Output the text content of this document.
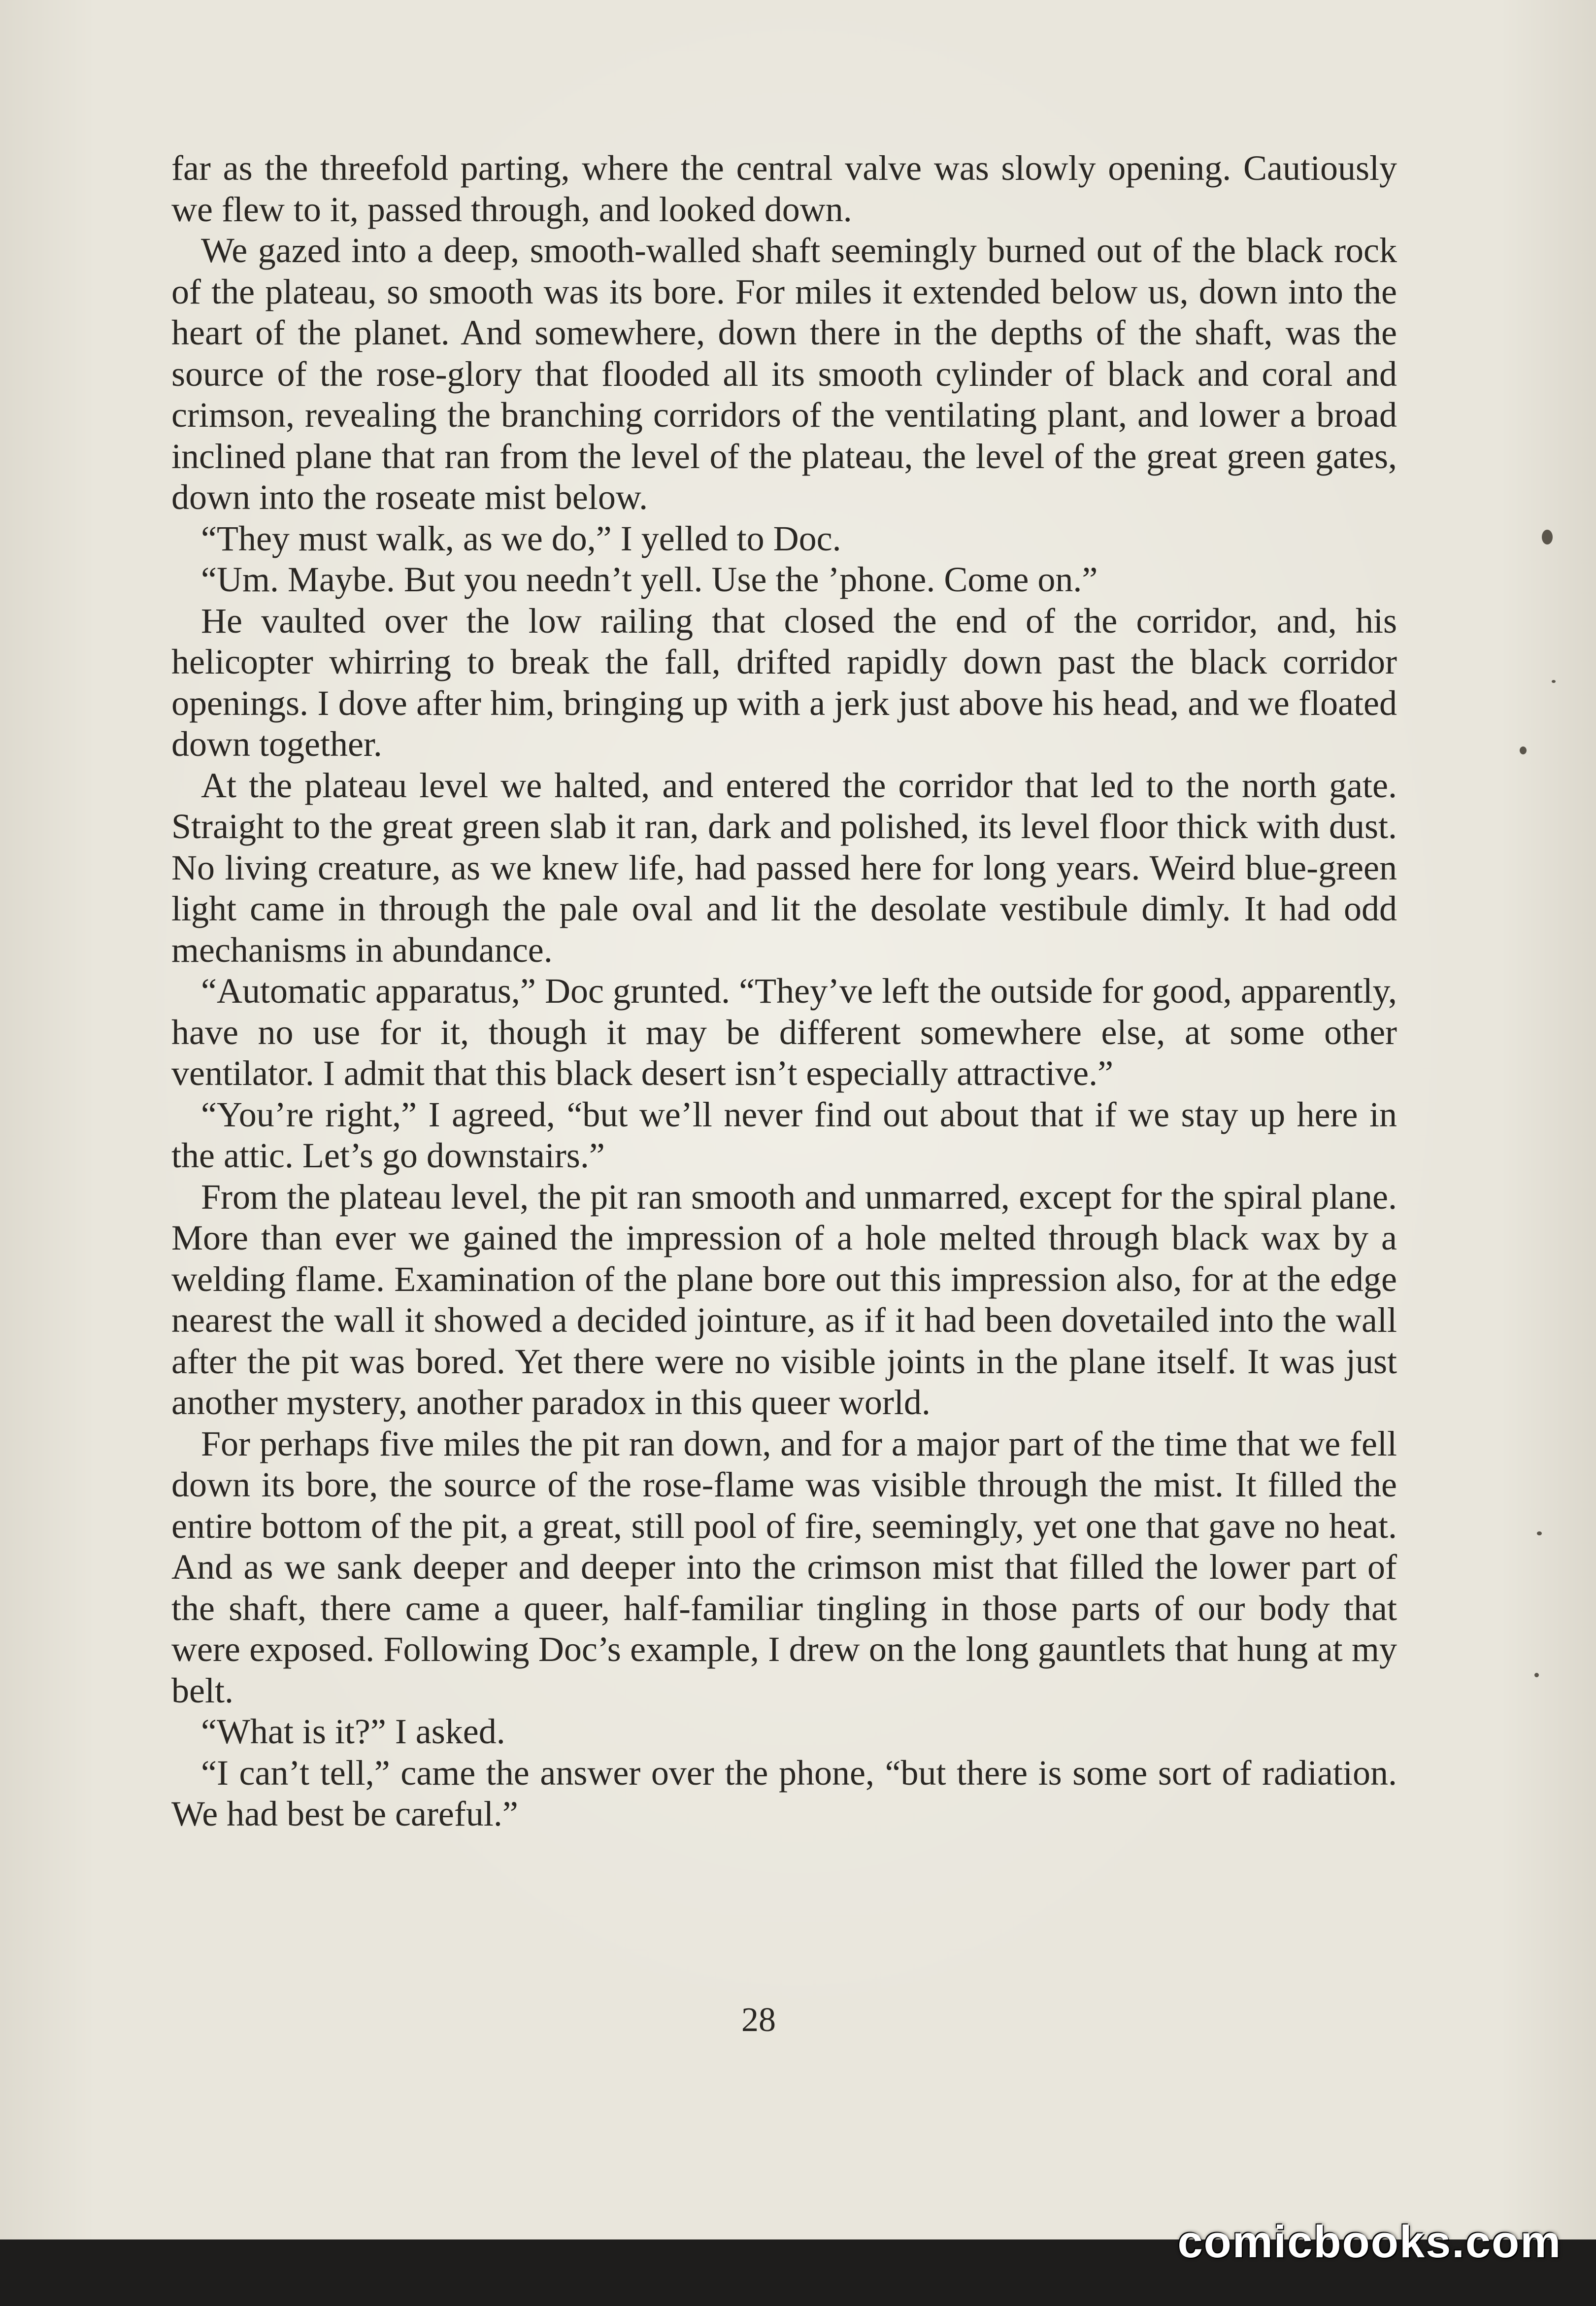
far as the threefold parting, where the central valve was slowly opening. Cautiously we flew to it, passed through, and looked down.

We gazed into a deep, smooth-walled shaft seemingly burned out of the black rock of the plateau, so smooth was its bore. For miles it extended below us, down into the heart of the planet. And somewhere, down there in the depths of the shaft, was the source of the rose-glory that flooded all its smooth cylinder of black and coral and crimson, revealing the branching corridors of the ventilating plant, and lower a broad inclined plane that ran from the level of the plateau, the level of the great green gates, down into the roseate mist below.

“They must walk, as we do,” I yelled to Doc.

“Um. Maybe. But you needn’t yell. Use the ’phone. Come on.”

He vaulted over the low railing that closed the end of the corridor, and, his helicopter whirring to break the fall, drifted rapidly down past the black corridor openings. I dove after him, bringing up with a jerk just above his head, and we floated down together.

At the plateau level we halted, and entered the corridor that led to the north gate. Straight to the great green slab it ran, dark and polished, its level floor thick with dust. No living creature, as we knew life, had passed here for long years. Weird blue-green light came in through the pale oval and lit the desolate vestibule dimly. It had odd mechanisms in abundance.

“Automatic apparatus,” Doc grunted. “They’ve left the outside for good, apparently, have no use for it, though it may be different somewhere else, at some other ventilator. I admit that this black desert isn’t especially attractive.”

“You’re right,” I agreed, “but we’ll never find out about that if we stay up here in the attic. Let’s go downstairs.”

From the plateau level, the pit ran smooth and unmarred, except for the spiral plane. More than ever we gained the impression of a hole melted through black wax by a welding flame. Examination of the plane bore out this impression also, for at the edge nearest the wall it showed a decided jointure, as if it had been dovetailed into the wall after the pit was bored. Yet there were no visible joints in the plane itself. It was just another mystery, another paradox in this queer world.

For perhaps five miles the pit ran down, and for a major part of the time that we fell down its bore, the source of the rose-flame was visible through the mist. It filled the entire bottom of the pit, a great, still pool of fire, seemingly, yet one that gave no heat. And as we sank deeper and deeper into the crimson mist that filled the lower part of the shaft, there came a queer, half-familiar tingling in those parts of our body that were exposed. Following Doc’s example, I drew on the long gauntlets that hung at my belt.

“What is it?” I asked.

“I can’t tell,” came the answer over the phone, “but there is some sort of radiation. We had best be careful.”

28
comicbooks.com
